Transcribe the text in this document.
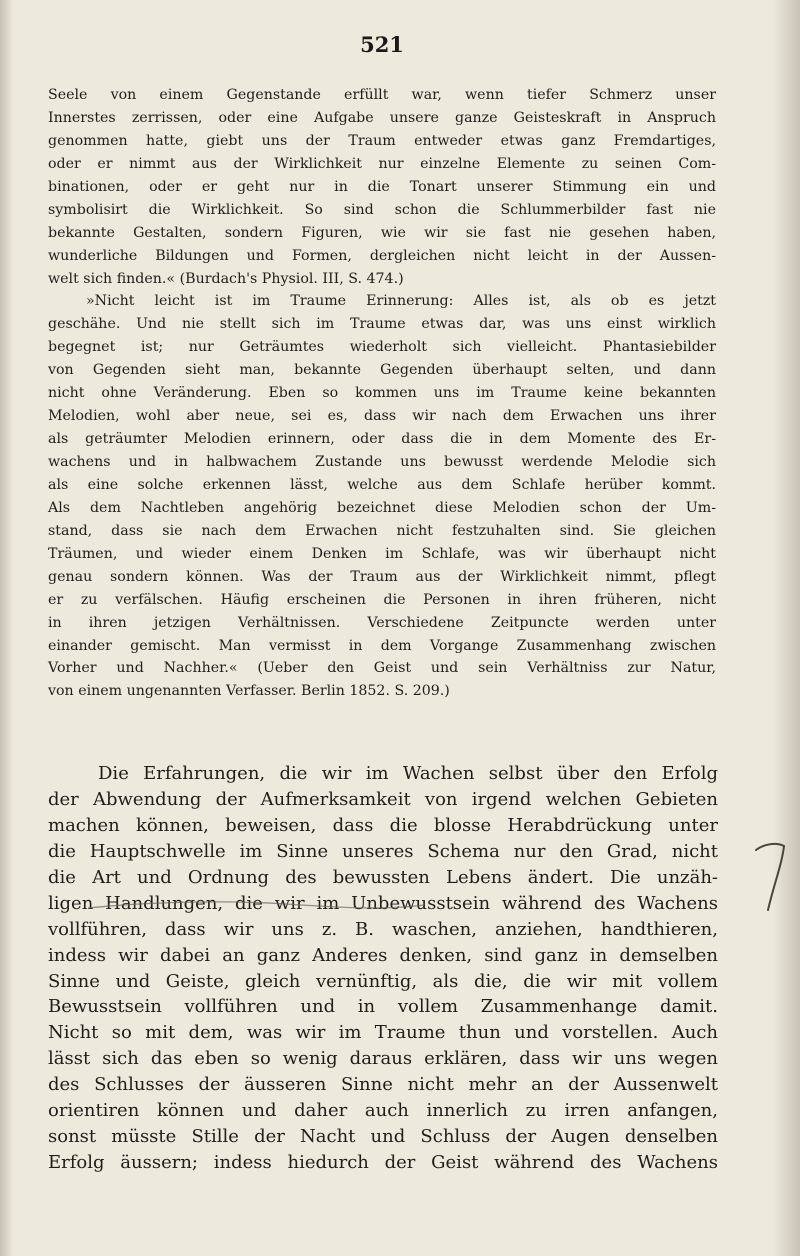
521
Seele von einem Gegenstande erfüllt war, wenn tiefer Schmerz unser
Innerstes zerrissen, oder eine Aufgabe unsere ganze Geisteskraft in Anspruch
genommen hatte, giebt uns der Traum entweder etwas ganz Fremdartiges,
oder er nimmt aus der Wirklichkeit nur einzelne Elemente zu seinen Com-
binationen, oder er geht nur in die Tonart unserer Stimmung ein und
symbolisirt die Wirklichkeit. So sind schon die Schlummerbilder fast nie
bekannte Gestalten, sondern Figuren, wie wir sie fast nie gesehen haben,
wunderliche Bildungen und Formen, dergleichen nicht leicht in der Aussen-
welt sich finden.« (Burdach's Physiol. III, S. 474.)
»Nicht leicht ist im Traume Erinnerung: Alles ist, als ob es jetzt
geschähe. Und nie stellt sich im Traume etwas dar, was uns einst wirklich
begegnet ist; nur Geträumtes wiederholt sich vielleicht. Phantasiebilder
von Gegenden sieht man, bekannte Gegenden überhaupt selten, und dann
nicht ohne Veränderung. Eben so kommen uns im Traume keine bekannten
Melodien, wohl aber neue, sei es, dass wir nach dem Erwachen uns ihrer
als geträumter Melodien erinnern, oder dass die in dem Momente des Er-
wachens und in halbwachem Zustande uns bewusst werdende Melodie sich
als eine solche erkennen lässt, welche aus dem Schlafe herüber kommt.
Als dem Nachtleben angehörig bezeichnet diese Melodien schon der Um-
stand, dass sie nach dem Erwachen nicht festzuhalten sind. Sie gleichen
Träumen, und wieder einem Denken im Schlafe, was wir überhaupt nicht
genau sondern können. Was der Traum aus der Wirklichkeit nimmt, pflegt
er zu verfälschen. Häufig erscheinen die Personen in ihren früheren, nicht
in ihren jetzigen Verhältnissen. Verschiedene Zeitpuncte werden unter
einander gemischt. Man vermisst in dem Vorgange Zusammenhang zwischen
Vorher und Nachher.« (Ueber den Geist und sein Verhältniss zur Natur,
von einem ungenannten Verfasser. Berlin 1852. S. 209.)
Die Erfahrungen, die wir im Wachen selbst über den Erfolg
der Abwendung der Aufmerksamkeit von irgend welchen Gebieten
machen können, beweisen, dass die blosse Herabdrückung unter
die Hauptschwelle im Sinne unseres Schema nur den Grad, nicht
die Art und Ordnung des bewussten Lebens ändert. Die unzäh-
ligen Handlungen, die wir im Unbewusstsein während des Wachens
vollführen, dass wir uns z. B. waschen, anziehen, handthieren,
indess wir dabei an ganz Anderes denken, sind ganz in demselben
Sinne und Geiste, gleich vernünftig, als die, die wir mit vollem
Bewusstsein vollführen und in vollem Zusammenhange damit.
Nicht so mit dem, was wir im Traume thun und vorstellen. Auch
lässt sich das eben so wenig daraus erklären, dass wir uns wegen
des Schlusses der äusseren Sinne nicht mehr an der Aussenwelt
orientiren können und daher auch innerlich zu irren anfangen,
sonst müsste Stille der Nacht und Schluss der Augen denselben
Erfolg äussern; indess hiedurch der Geist während des Wachens
